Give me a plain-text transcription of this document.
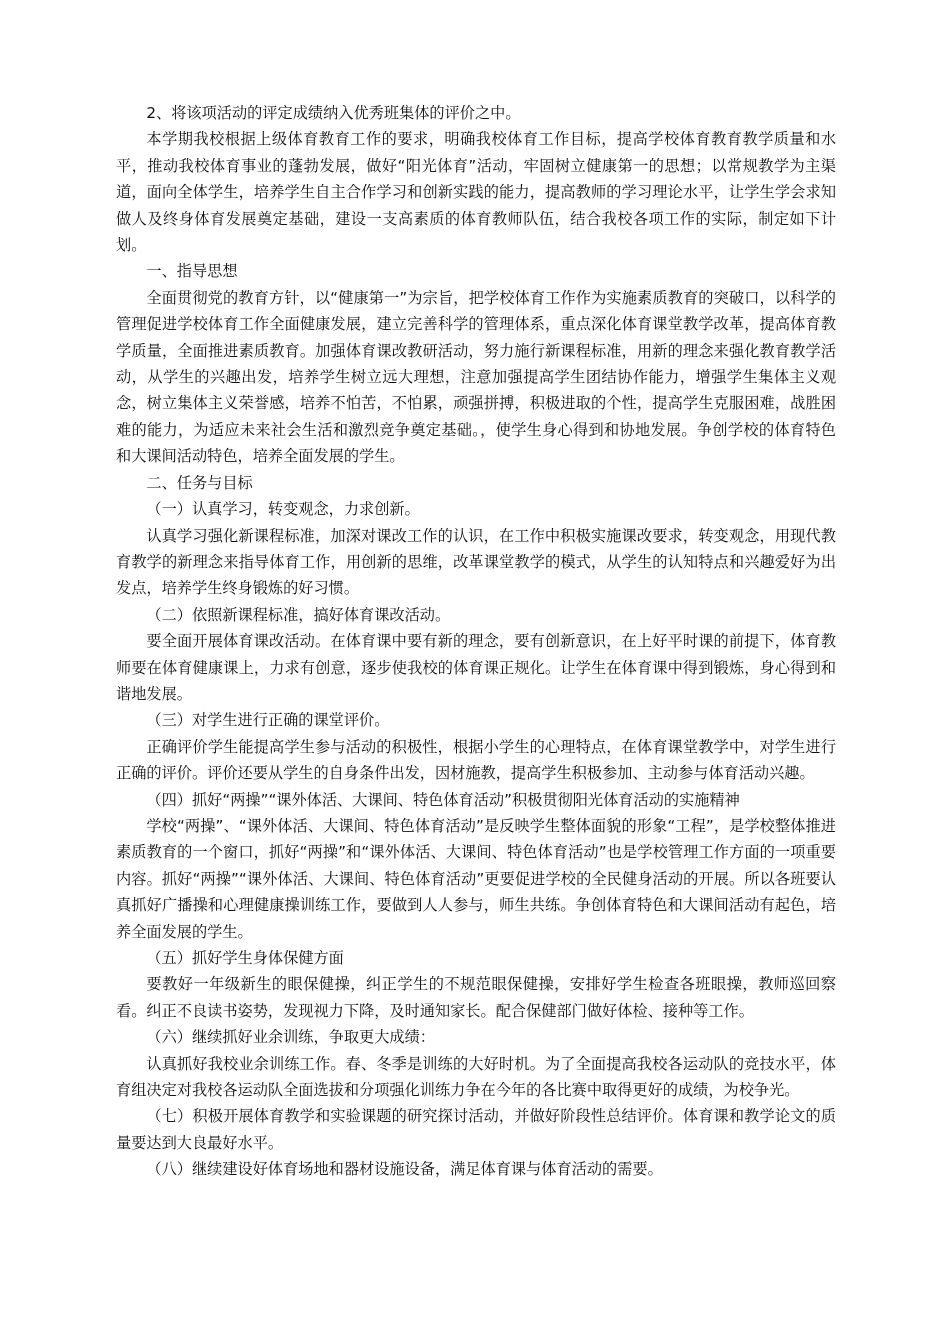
2、将该项活动的评定成绩纳入优秀班集体的评价之中。

本学期我校根据上级体育教育工作的要求，明确我校体育工作目标，提高学校体育教育教学质量和水平，推动我校体育事业的蓬勃发展，做好“阳光体育”活动，牢固树立健康第一的思想；以常规教学为主渠道，面向全体学生，培养学生自主合作学习和创新实践的能力，提高教师的学习理论水平，让学生学会求知做人及终身体育发展奠定基础，建设一支高素质的体育教师队伍，结合我校各项工作的实际，制定如下计划。

一、指导思想

全面贯彻党的教育方针，以“健康第一”为宗旨，把学校体育工作作为实施素质教育的突破口，以科学的管理促进学校体育工作全面健康发展，建立完善科学的管理体系，重点深化体育课堂教学改革，提高体育教学质量，全面推进素质教育。加强体育课改教研活动，努力施行新课程标准，用新的理念来强化教育教学活动，从学生的兴趣出发，培养学生树立远大理想，注意加强提高学生团结协作能力，增强学生集体主义观念，树立集体主义荣誉感，培养不怕苦，不怕累，顽强拼搏，积极进取的个性，提高学生克服困难，战胜困难的能力，为适应未来社会生活和激烈竞争奠定基础。，使学生身心得到和协地发展。争创学校的体育特色和大课间活动特色，培养全面发展的学生。

二、任务与目标

（一）认真学习，转变观念，力求创新。

认真学习强化新课程标准，加深对课改工作的认识，在工作中积极实施课改要求，转变观念，用现代教育教学的新理念来指导体育工作，用创新的思维，改革课堂教学的模式，从学生的认知特点和兴趣爱好为出发点，培养学生终身锻炼的好习惯。

（二）依照新课程标准，搞好体育课改活动。

要全面开展体育课改活动。在体育课中要有新的理念，要有创新意识，在上好平时课的前提下，体育教师要在体育健康课上，力求有创意，逐步使我校的体育课正规化。让学生在体育课中得到锻炼，身心得到和谐地发展。

（三）对学生进行正确的课堂评价。

正确评价学生能提高学生参与活动的积极性，根据小学生的心理特点，在体育课堂教学中，对学生进行正确的评价。评价还要从学生的自身条件出发，因材施教，提高学生积极参加、主动参与体育活动兴趣。

（四）抓好“两操”“课外体活、大课间、特色体育活动”积极贯彻阳光体育活动的实施精神

学校“两操”、“课外体活、大课间、特色体育活动”是反映学生整体面貌的形象“工程”，是学校整体推进素质教育的一个窗口，抓好“两操”和“课外体活、大课间、特色体育活动”也是学校管理工作方面的一项重要内容。抓好“两操”“课外体活、大课间、特色体育活动”更要促进学校的全民健身活动的开展。所以各班要认真抓好广播操和心理健康操训练工作，要做到人人参与，师生共练。争创体育特色和大课间活动有起色，培养全面发展的学生。

（五）抓好学生身体保健方面

要教好一年级新生的眼保健操，纠正学生的不规范眼保健操，安排好学生检查各班眼操，教师巡回察看。纠正不良读书姿势，发现视力下降，及时通知家长。配合保健部门做好体检、接种等工作。

（六）继续抓好业余训练，争取更大成绩：

认真抓好我校业余训练工作。春、冬季是训练的大好时机。为了全面提高我校各运动队的竞技水平，体育组决定对我校各运动队全面选拔和分项强化训练力争在今年的各比赛中取得更好的成绩，为校争光。

（七）积极开展体育教学和实验课题的研究探讨活动，并做好阶段性总结评价。体育课和教学论文的质量要达到大良最好水平。

（八）继续建设好体育场地和器材设施设备，满足体育课与体育活动的需要。
